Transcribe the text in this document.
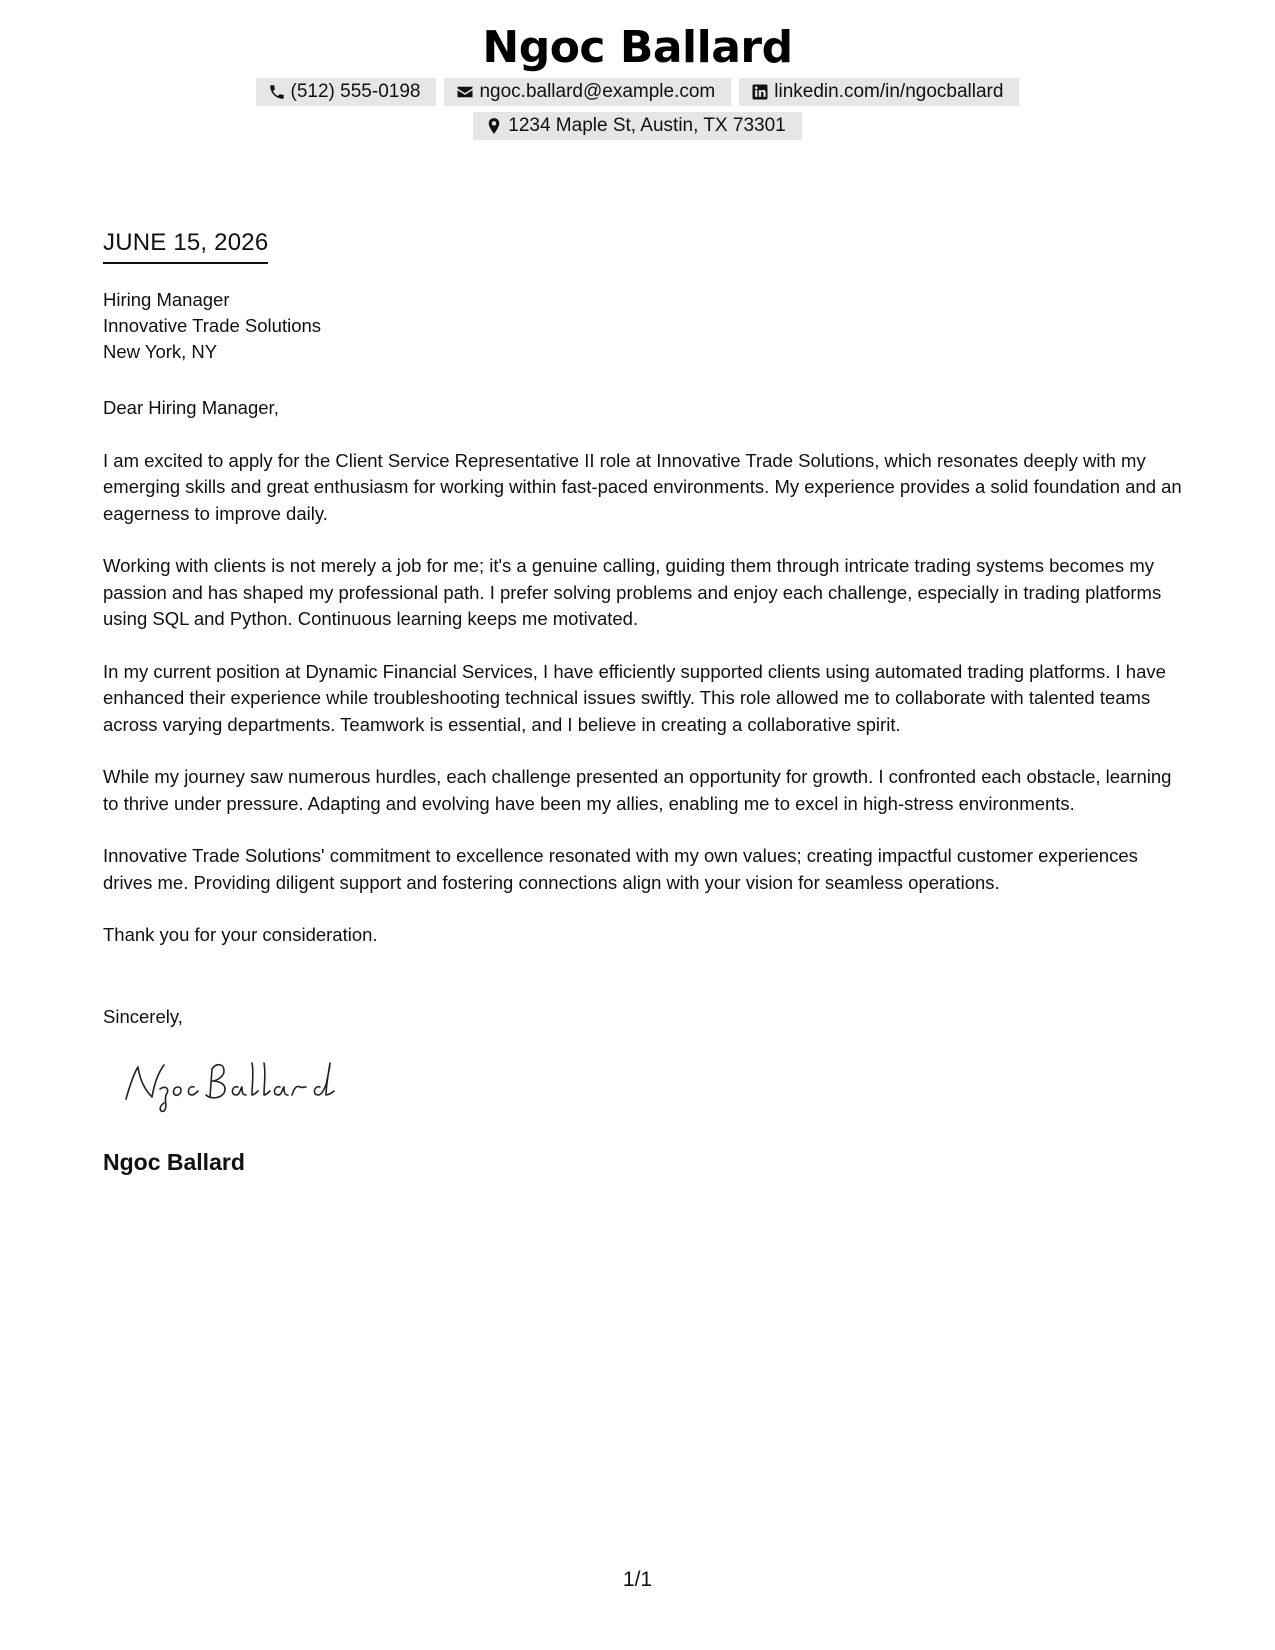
Ngoc Ballard
(512) 555-0198	ngoc.ballard@example.com	linkedin.com/in/ngocballard
1234 Maple St, Austin, TX 73301
JUNE 15, 2026
Hiring Manager
Innovative Trade Solutions
New York, NY

Dear Hiring Manager,

I am excited to apply for the Client Service Representative II role at Innovative Trade Solutions, which resonates deeply with my emerging skills and great enthusiasm for working within fast-paced environments. My experience provides a solid foundation and an eagerness to improve daily.

Working with clients is not merely a job for me; it's a genuine calling, guiding them through intricate trading systems becomes my passion and has shaped my professional path. I prefer solving problems and enjoy each challenge, especially in trading platforms using SQL and Python. Continuous learning keeps me motivated.

In my current position at Dynamic Financial Services, I have efficiently supported clients using automated trading platforms. I have enhanced their experience while troubleshooting technical issues swiftly. This role allowed me to collaborate with talented teams across varying departments. Teamwork is essential, and I believe in creating a collaborative spirit.

While my journey saw numerous hurdles, each challenge presented an opportunity for growth. I confronted each obstacle, learning to thrive under pressure. Adapting and evolving have been my allies, enabling me to excel in high-stress environments.

Innovative Trade Solutions' commitment to excellence resonated with my own values; creating impactful customer experiences drives me. Providing diligent support and fostering connections align with your vision for seamless operations.

Thank you for your consideration.

Sincerely,
Ngoc Ballard
1/1
